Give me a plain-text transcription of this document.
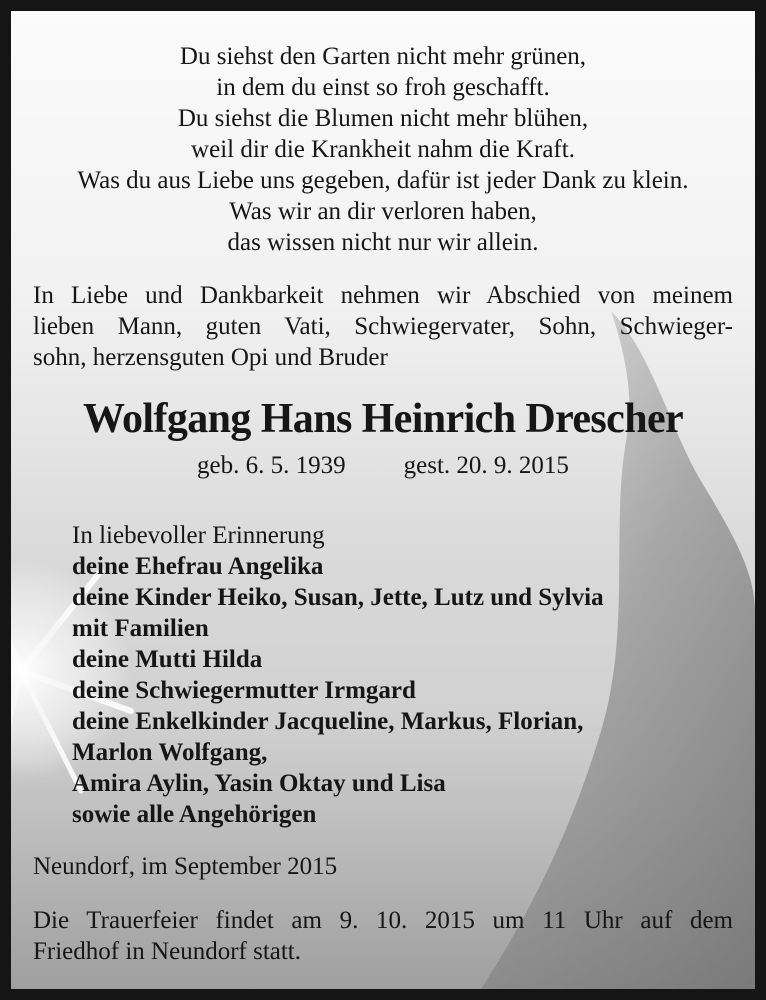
Du siehst den Garten nicht mehr grünen,
in dem du einst so froh geschafft.
Du siehst die Blumen nicht mehr blühen,
weil dir die Krankheit nahm die Kraft.
Was du aus Liebe uns gegeben, dafür ist jeder Dank zu klein.
Was wir an dir verloren haben,
das wissen nicht nur wir allein.
In Liebe und Dankbarkeit nehmen wir Abschied von meinem
lieben Mann, guten Vati, Schwiegervater, Sohn, Schwieger-
sohn, herzensguten Opi und Bruder
Wolfgang Hans Heinrich Drescher
geb. 6. 5. 1939 gest. 20. 9. 2015
In liebevoller Erinnerung
deine Ehefrau Angelika
deine Kinder Heiko, Susan, Jette, Lutz und Sylvia
mit Familien
deine Mutti Hilda
deine Schwiegermutter Irmgard
deine Enkelkinder Jacqueline, Markus, Florian,
Marlon Wolfgang,
Amira Aylin, Yasin Oktay und Lisa
sowie alle Angehörigen
Neundorf, im September 2015
Die Trauerfeier findet am 9. 10. 2015 um 11 Uhr auf dem
Friedhof in Neundorf statt.
